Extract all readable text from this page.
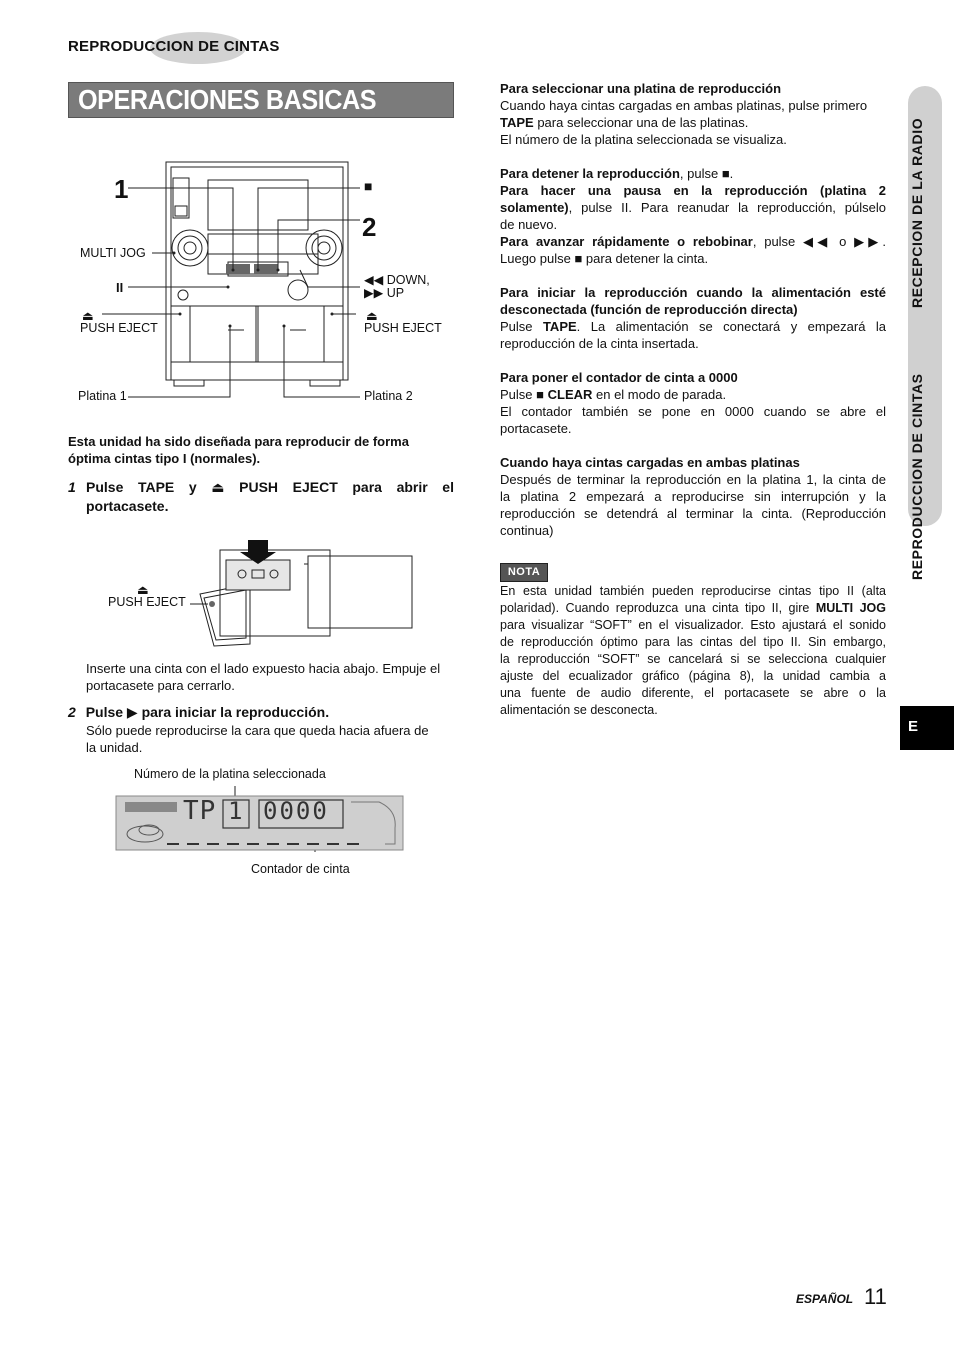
REPRODUCCION DE CINTAS
OPERACIONES BASICAS
1
2
■
II
MULTI JOG
◀◀ DOWN,
▶▶ UP
⏏
PUSH EJECT
⏏
PUSH EJECT
Platina 1	Platina 2
Esta unidad ha sido diseñada para reproducir de forma
óptima cintas tipo I (normales).
1 Pulse TAPE y ⏏ PUSH EJECT para abrir el
portacasete.
⏏
PUSH EJECT
Inserte una cinta con el lado expuesto hacia abajo. Empuje el
portacasete para cerrarlo.
2 Pulse ▶ para iniciar la reproducción.
Sólo puede reproducirse la cara que queda hacia afuera de
la unidad.
Número de la platina seleccionada
TP 1 0000
Contador de cinta
Para seleccionar una platina de reproducción
Cuando haya cintas cargadas en ambas platinas, pulse primero
TAPE para seleccionar una de las platinas.
El número de la platina seleccionada se visualiza.
Para detener la reproducción, pulse ■.
Para hacer una pausa en la reproducción (platina 2
solamente), pulse II. Para reanudar la reproducción, púlselo
de nuevo.
Para avanzar rápidamente o rebobinar, pulse ◀◀ o ▶▶.
Luego pulse ■ para detener la cinta.
Para iniciar la reproducción cuando la alimentación esté
desconectada (función de reproducción directa)
Pulse TAPE. La alimentación se conectará y empezará la
reproducción de la cinta insertada.
Para poner el contador de cinta a 0000
Pulse ■ CLEAR en el modo de parada.
El contador también se pone en 0000 cuando se abre el
portacasete.
Cuando haya cintas cargadas en ambas platinas
Después de terminar la reproducción en la platina 1, la cinta de
la platina 2 empezará a reproducirse sin interrupción y la
reproducción se detendrá al terminar la cinta. (Reproducción
continua)
NOTA
En esta unidad también pueden reproducirse cintas tipo II (alta
polaridad). Cuando reproduzca una cinta tipo II, gire MULTI JOG
para visualizar “SOFT” en el visualizador. Esto ajustará el sonido
de reproducción óptimo para las cintas del tipo II. Sin embargo,
la reproducción “SOFT” se cancelará si se selecciona cualquier
ajuste del ecualizador gráfico (página 8), la unidad cambia a
una fuente de audio diferente, el portacasete se abre o la
alimentación se desconecta.
REPRODUCCION DE CINTAS
RECEPCION DE LA RADIO
E
ESPAÑOL 11
